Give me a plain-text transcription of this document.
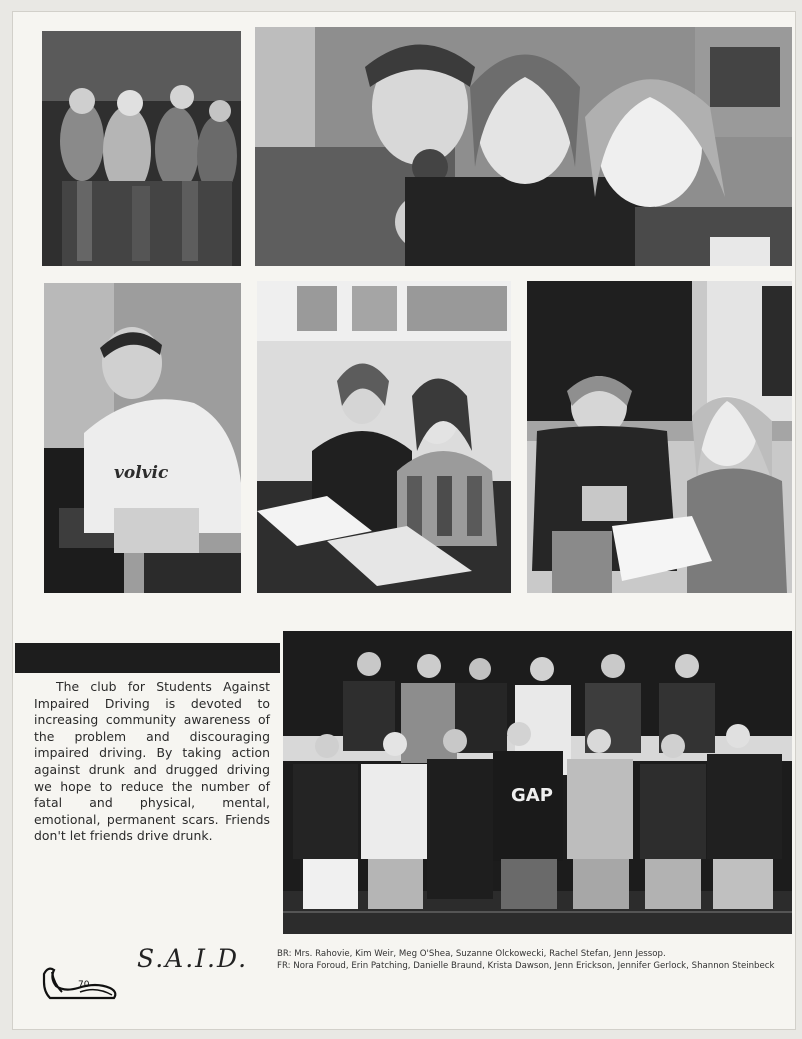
volvic

The club for Students Against Impaired Driving is devoted to increasing community awareness of the problem and discouraging impaired driving. By taking action against drunk and drugged driving we hope to reduce the number of fatal and physical, mental, emotional, permanent scars. Friends don't let friends drive drunk.

GAP
S.A.I.D.	BR: Mrs. Rahovie, Kim Weir, Meg O'Shea, Suzanne Olckowecki, Rachel Stefan, Jenn Jessop.
FR: Nora Foroud, Erin Patching, Danielle Braund, Krista Dawson, Jenn Erickson, Jennifer Gerlock, Shannon Steinbeck
70
